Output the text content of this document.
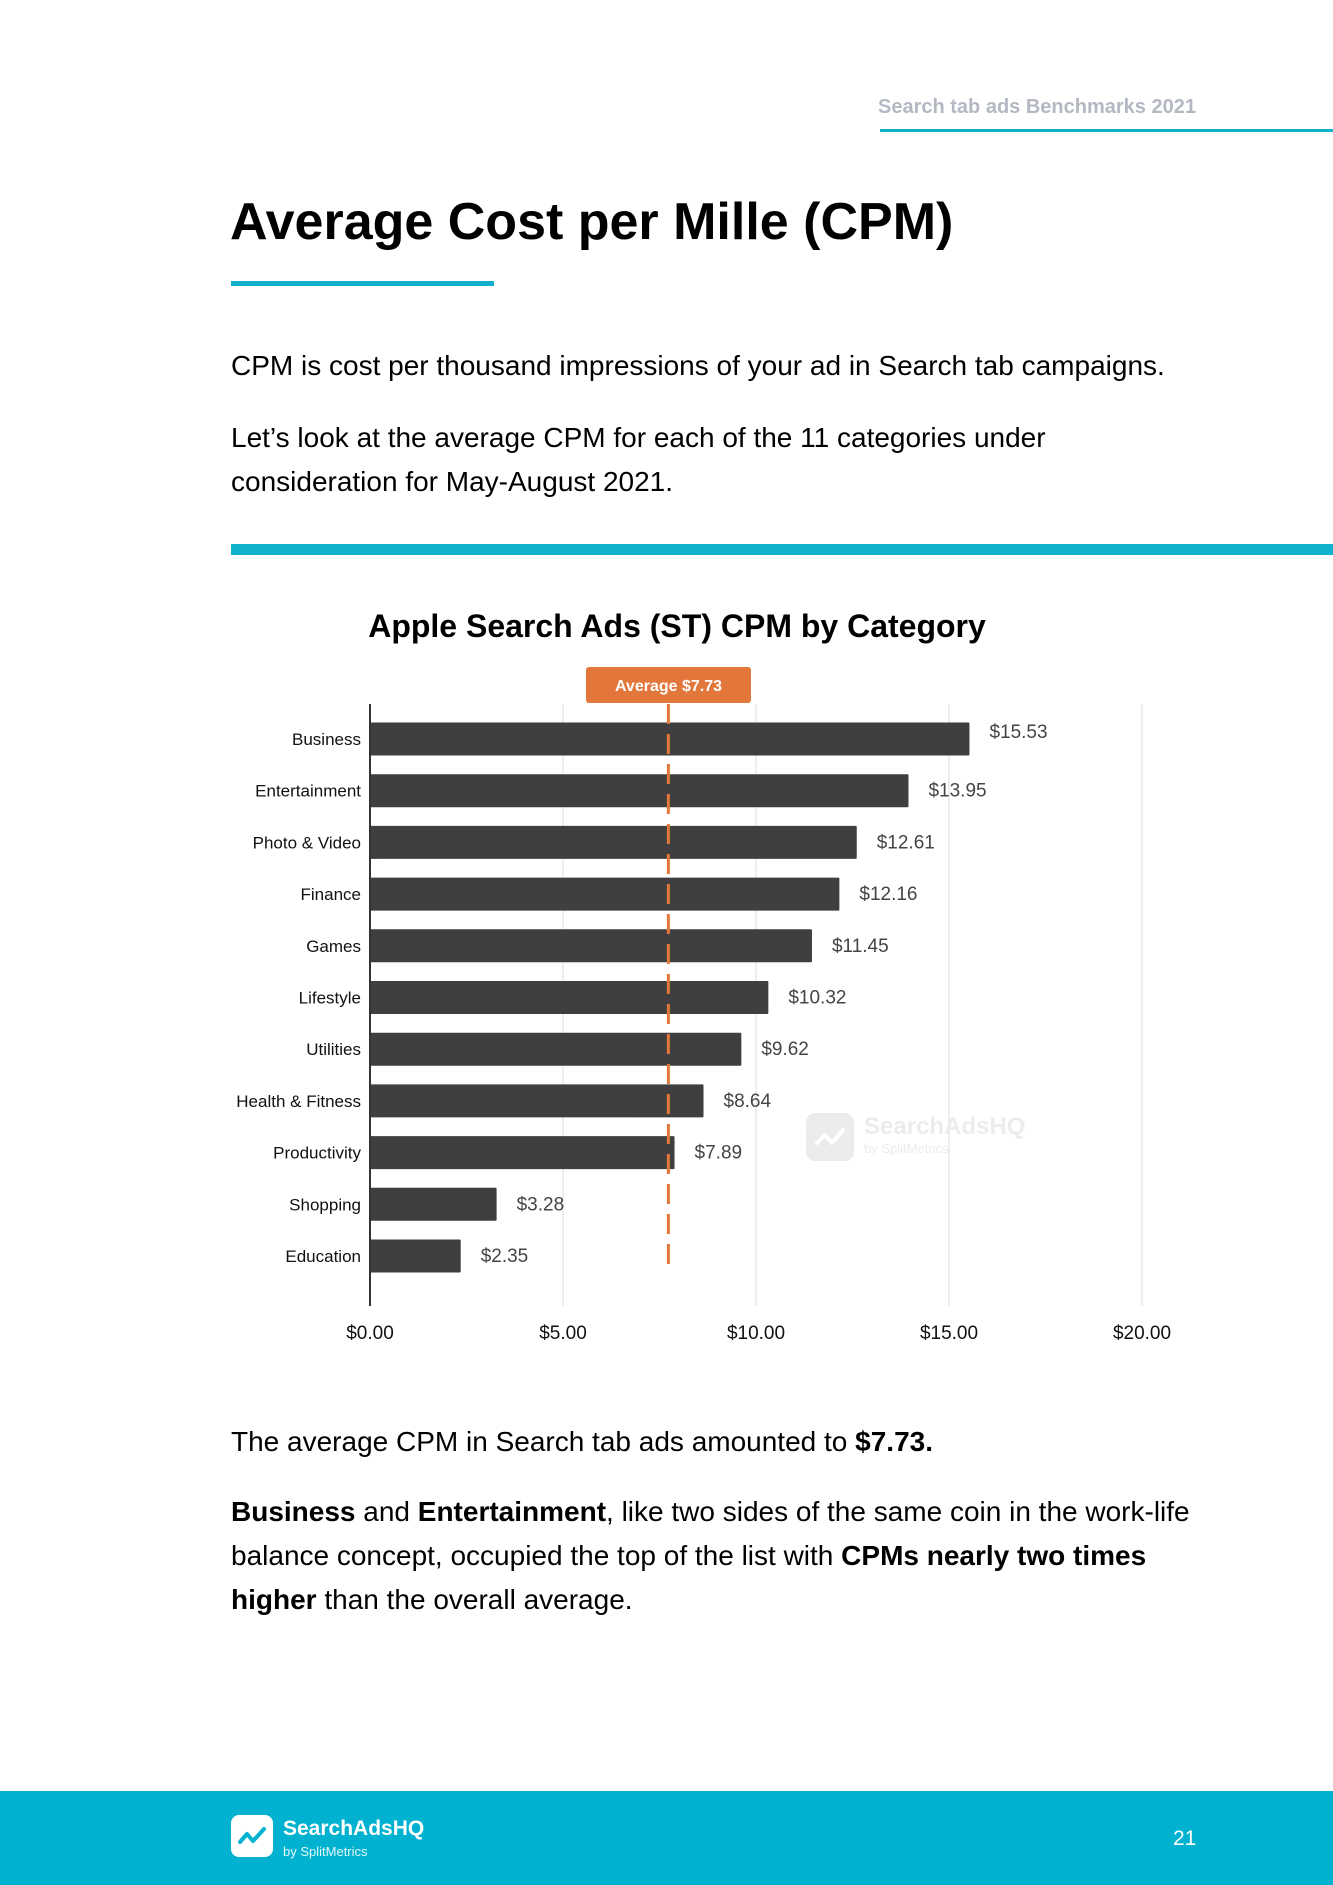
Search tab ads Benchmarks 2021
Average Cost per Mille (CPM)

CPM is cost per thousand impressions of your ad in Search tab campaigns.

Let’s look at the average CPM for each of the 11 categories under consideration for May-August 2021.

Apple Search Ads (ST) CPM by Category
SearchAdsHQ
by SplitMetrics
$0.00	$5.00	$10.00	$15.00	$20.00
Business	$15.53
Entertainment	$13.95
Photo & Video	$12.61
Finance	$12.16
Games	$11.45
Lifestyle	$10.32
Utilities	$9.62
Health & Fitness	$8.64
Productivity	$7.89
Shopping	$3.28
Education	$2.35
Average $7.73

The average CPM in Search tab ads amounted to $7.73.

Business and Entertainment, like two sides of the same coin in the work-life balance concept, occupied the top of the list with CPMs nearly two times higher than the overall average.

SearchAdsHQ
by SplitMetrics
21
